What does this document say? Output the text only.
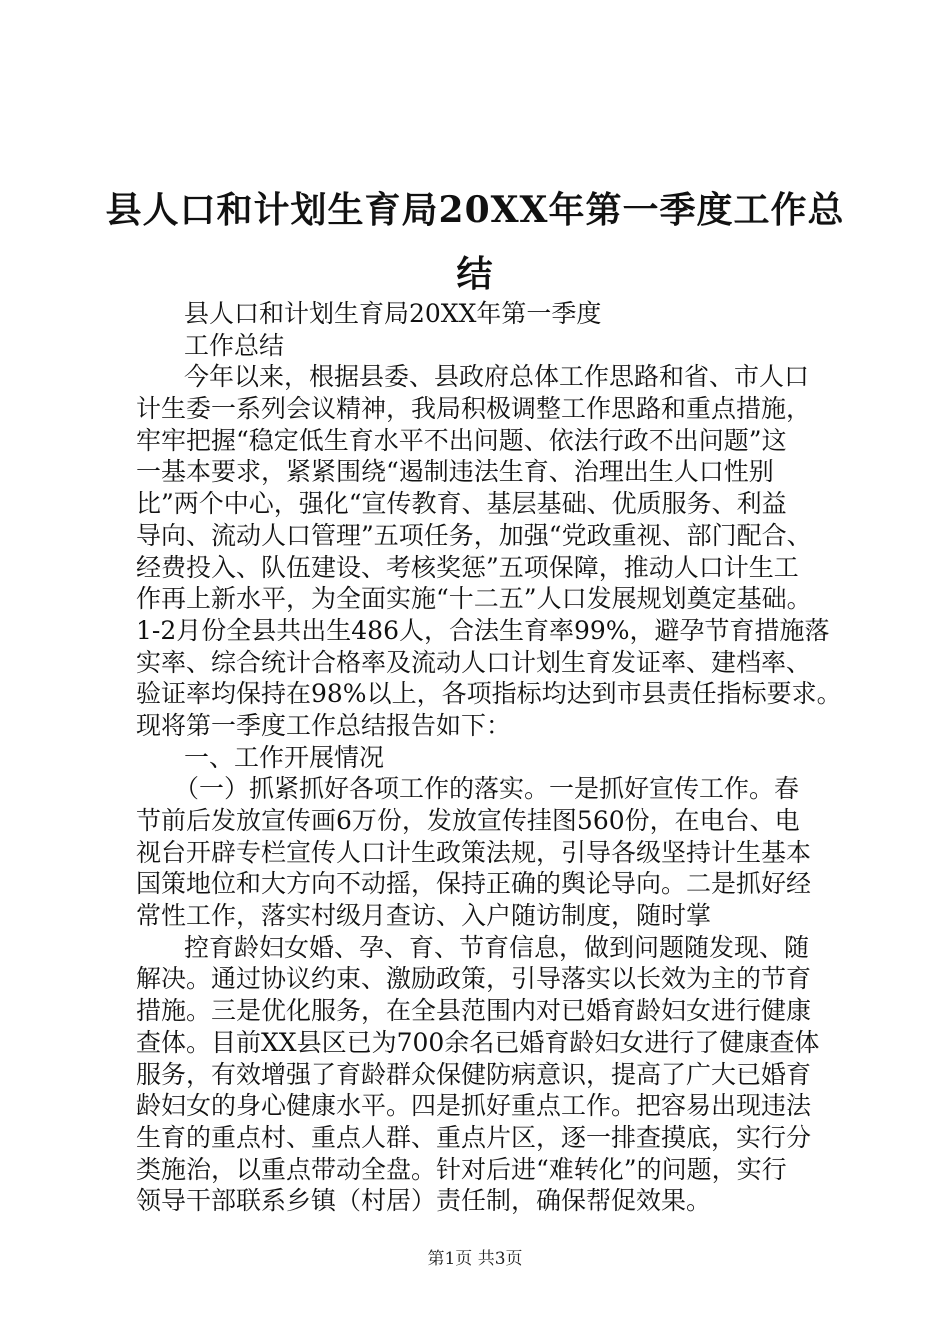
县人口和计划生育局20XX年第一季度工作总
结
县人口和计划生育局20XX年第一季度
工作总结
今年以来，根据县委、县政府总体工作思路和省、市人口
计生委一系列会议精神，我局积极调整工作思路和重点措施，
牢牢把握“稳定低生育水平不出问题、依法行政不出问题”这
一基本要求，紧紧围绕“遏制违法生育、治理出生人口性别
比”两个中心，强化“宣传教育、基层基础、优质服务、利益
导向、流动人口管理”五项任务，加强“党政重视、部门配合、
经费投入、队伍建设、考核奖惩”五项保障，推动人口计生工
作再上新水平，为全面实施“十二五”人口发展规划奠定基础。
1-2月份全县共出生486人，合法生育率99%，避孕节育措施落
实率、综合统计合格率及流动人口计划生育发证率、建档率、
验证率均保持在98%以上，各项指标均达到市县责任指标要求。
现将第一季度工作总结报告如下：
一、工作开展情况
（一）抓紧抓好各项工作的落实。一是抓好宣传工作。春
节前后发放宣传画6万份，发放宣传挂图560份，在电台、电
视台开辟专栏宣传人口计生政策法规，引导各级坚持计生基本
国策地位和大方向不动摇，保持正确的舆论导向。二是抓好经
常性工作，落实村级月查访、入户随访制度，随时掌
控育龄妇女婚、孕、育、节育信息，做到问题随发现、随
解决。通过协议约束、激励政策，引导落实以长效为主的节育
措施。三是优化服务，在全县范围内对已婚育龄妇女进行健康
查体。目前XX县区已为700余名已婚育龄妇女进行了健康查体
服务，有效增强了育龄群众保健防病意识，提高了广大已婚育
龄妇女的身心健康水平。四是抓好重点工作。把容易出现违法
生育的重点村、重点人群、重点片区，逐一排查摸底，实行分
类施治，以重点带动全盘。针对后进“难转化”的问题，实行
领导干部联系乡镇（村居）责任制，确保帮促效果。
第1页 共3页
